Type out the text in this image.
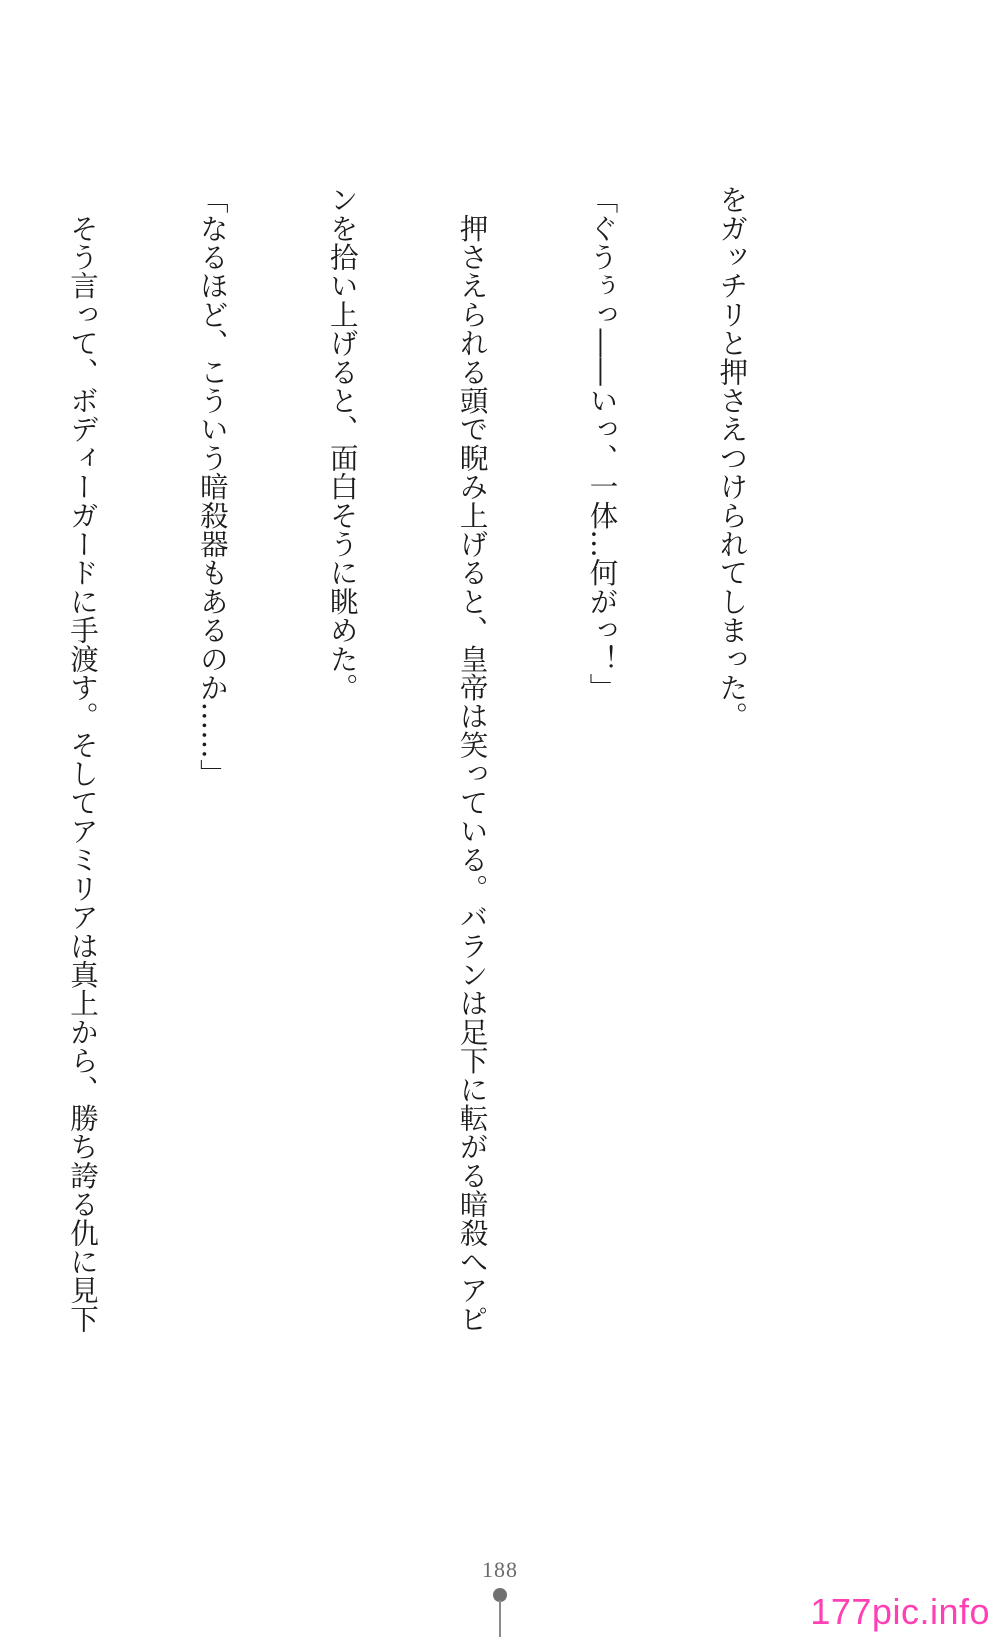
をガッチリと押さえつけられてしまった。

「ぐうぅっ――いっ、一体…何がっ！」

　押さえられる頭で睨み上げると、皇帝は笑っている。バランは足下に転がる暗殺へアピ

ンを拾い上げると、面白そうに眺めた。

「なるほど、こういう暗殺器もあるのか……」

　そう言って、ボディーガードに手渡す。そしてアミリアは真上から、勝ち誇る仇に見下

188
177pic.info
